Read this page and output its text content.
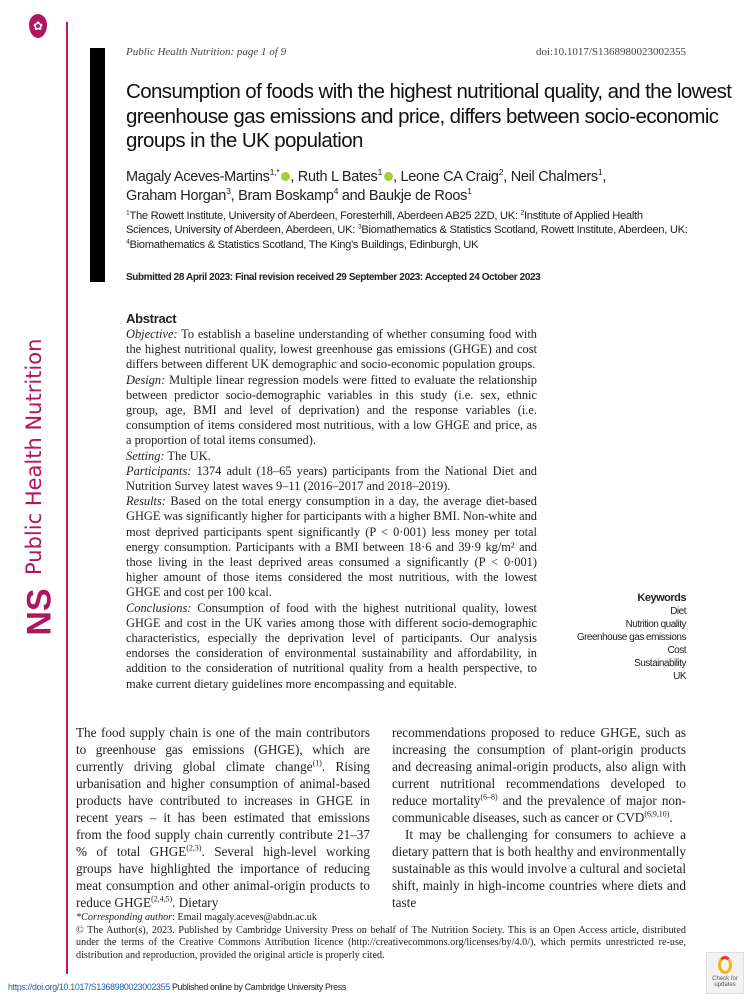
✿
Public Health Nutrition
NS
Public Health Nutrition: page 1 of 9	doi:10.1017/S1368980023002355
Consumption of foods with the highest nutritional quality, and the lowest greenhouse gas emissions and price, differs between socio-economic groups in the UK population
Magaly Aceves-Martins$^{1,*}$ , Ruth L Bates$^1$ , Leone CA Craig$^2$, Neil Chalmers$^1$,
Graham Horgan$^3$, Bram Boskamp$^4$ and Baukje de Roos$^1$
$^1$The Rowett Institute, University of Aberdeen, Foresterhill, Aberdeen AB25 2ZD, UK: $^2$Institute of Applied Health Sciences, University of Aberdeen, Aberdeen, UK: $^3$Biomathematics & Statistics Scotland, Rowett Institute, Aberdeen, UK: $^4$Biomathematics & Statistics Scotland, The King's Buildings, Edinburgh, UK
Submitted 28 April 2023: Final revision received 29 September 2023: Accepted 24 October 2023
Abstract
Objective: To establish a baseline understanding of whether consuming food with the highest nutritional quality, lowest greenhouse gas emissions (GHGE) and cost differs between different UK demographic and socio-economic population groups.
Design: Multiple linear regression models were fitted to evaluate the relationship between predictor socio-demographic variables in this study (i.e. sex, ethnic group, age, BMI and level of deprivation) and the response variables (i.e. consumption of items considered most nutritious, with a low GHGE and price, as a proportion of total items consumed).
Setting: The UK.
Participants: 1374 adult (18–65 years) participants from the National Diet and Nutrition Survey latest waves 9–11 (2016–2017 and 2018–2019).
Results: Based on the total energy consumption in a day, the average diet-based GHGE was significantly higher for participants with a higher BMI. Non-white and most deprived participants spent significantly (P < 0·001) less money per total energy consumption. Participants with a BMI between 18·6 and 39·9 kg/m² and those living in the least deprived areas consumed a significantly (P < 0·001) higher amount of those items considered the most nutritious, with the lowest GHGE and cost per 100 kcal.
Conclusions: Consumption of food with the highest nutritional quality, lowest GHGE and cost in the UK varies among those with different socio-demographic characteristics, especially the deprivation level of participants. Our analysis endorses the consideration of environmental sustainability and affordability, in addition to the consideration of nutritional quality from a health perspective, to make current dietary guidelines more encompassing and equitable.
Keywords
Diet
Nutrition quality
Greenhouse gas emissions
Cost
Sustainability
UK
The food supply chain is one of the main contributors to greenhouse gas emissions (GHGE), which are currently driving global climate change$^{(1)}$. Rising urbanisation and higher consumption of animal-based products have contributed to increases in GHGE in recent years – it has been estimated that emissions from the food supply chain currently contribute 21–37 % of total GHGE$^{(2,3)}$. Several high-level working groups have highlighted the importance of reducing meat consumption and other animal-origin products to reduce GHGE$^{(2,4,5)}$. Dietary

recommendations proposed to reduce GHGE, such as increasing the consumption of plant-origin products and decreasing animal-origin products, also align with current nutritional recommendations developed to reduce mortality$^{(6-8)}$ and the prevalence of major non-communicable diseases, such as cancer or CVD$^{(6,9,10)}$.

It may be challenging for consumers to achieve a dietary pattern that is both healthy and environmentally sustainable as this would involve a cultural and societal shift, mainly in high-income countries where diets and taste

*Corresponding author: Email magaly.aceves@abdn.ac.uk
© The Author(s), 2023. Published by Cambridge University Press on behalf of The Nutrition Society. This is an Open Access article, distributed under the terms of the Creative Commons Attribution licence (http://creativecommons.org/licenses/by/4.0/), which permits unrestricted re-use, distribution and reproduction, provided the original article is properly cited.
https://doi.org/10.1017/S1368980023002355 Published online by Cambridge University Press
Check for updates
